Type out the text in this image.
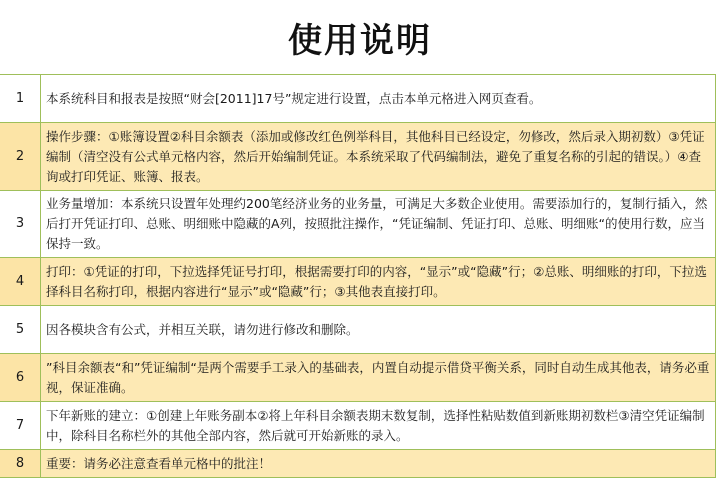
使用说明
1	本系统科目和报表是按照“财会[2011]17号”规定进行设置，点击本单元格进入网页查看。
2	操作步骤：①账簿设置②科目余额表（添加或修改红色例举科目，其他科目已经设定，勿修改，然后录入期初数）③凭证编制（清空没有公式单元格内容，然后开始编制凭证。本系统采取了代码编制法，避免了重复名称的引起的错误。）④查询或打印凭证、账簿、报表。
3	业务量增加：本系统只设置年处理约200笔经济业务的业务量，可满足大多数企业使用。需要添加行的，复制行插入，然后打开凭证打印、总账、明细账中隐藏的A列，按照批注操作，“凭证编制、凭证打印、总账、明细账“的使用行数，应当保持一致。
4	打印：①凭证的打印，下拉选择凭证号打印，根据需要打印的内容，“显示”或“隐藏”行；②总账、明细账的打印，下拉选择科目名称打印，根据内容进行“显示”或“隐藏”行；③其他表直接打印。
5	因各模块含有公式，并相互关联，请勿进行修改和删除。
6	”科目余额表“和”凭证编制“是两个需要手工录入的基础表，内置自动提示借贷平衡关系，同时自动生成其他表，请务必重视，保证准确。
7	下年新账的建立：①创建上年账务副本②将上年科目余额表期末数复制，选择性粘贴数值到新账期初数栏③清空凭证编制中，除科目名称栏外的其他全部内容，然后就可开始新账的录入。
8	重要：请务必注意查看单元格中的批注！
